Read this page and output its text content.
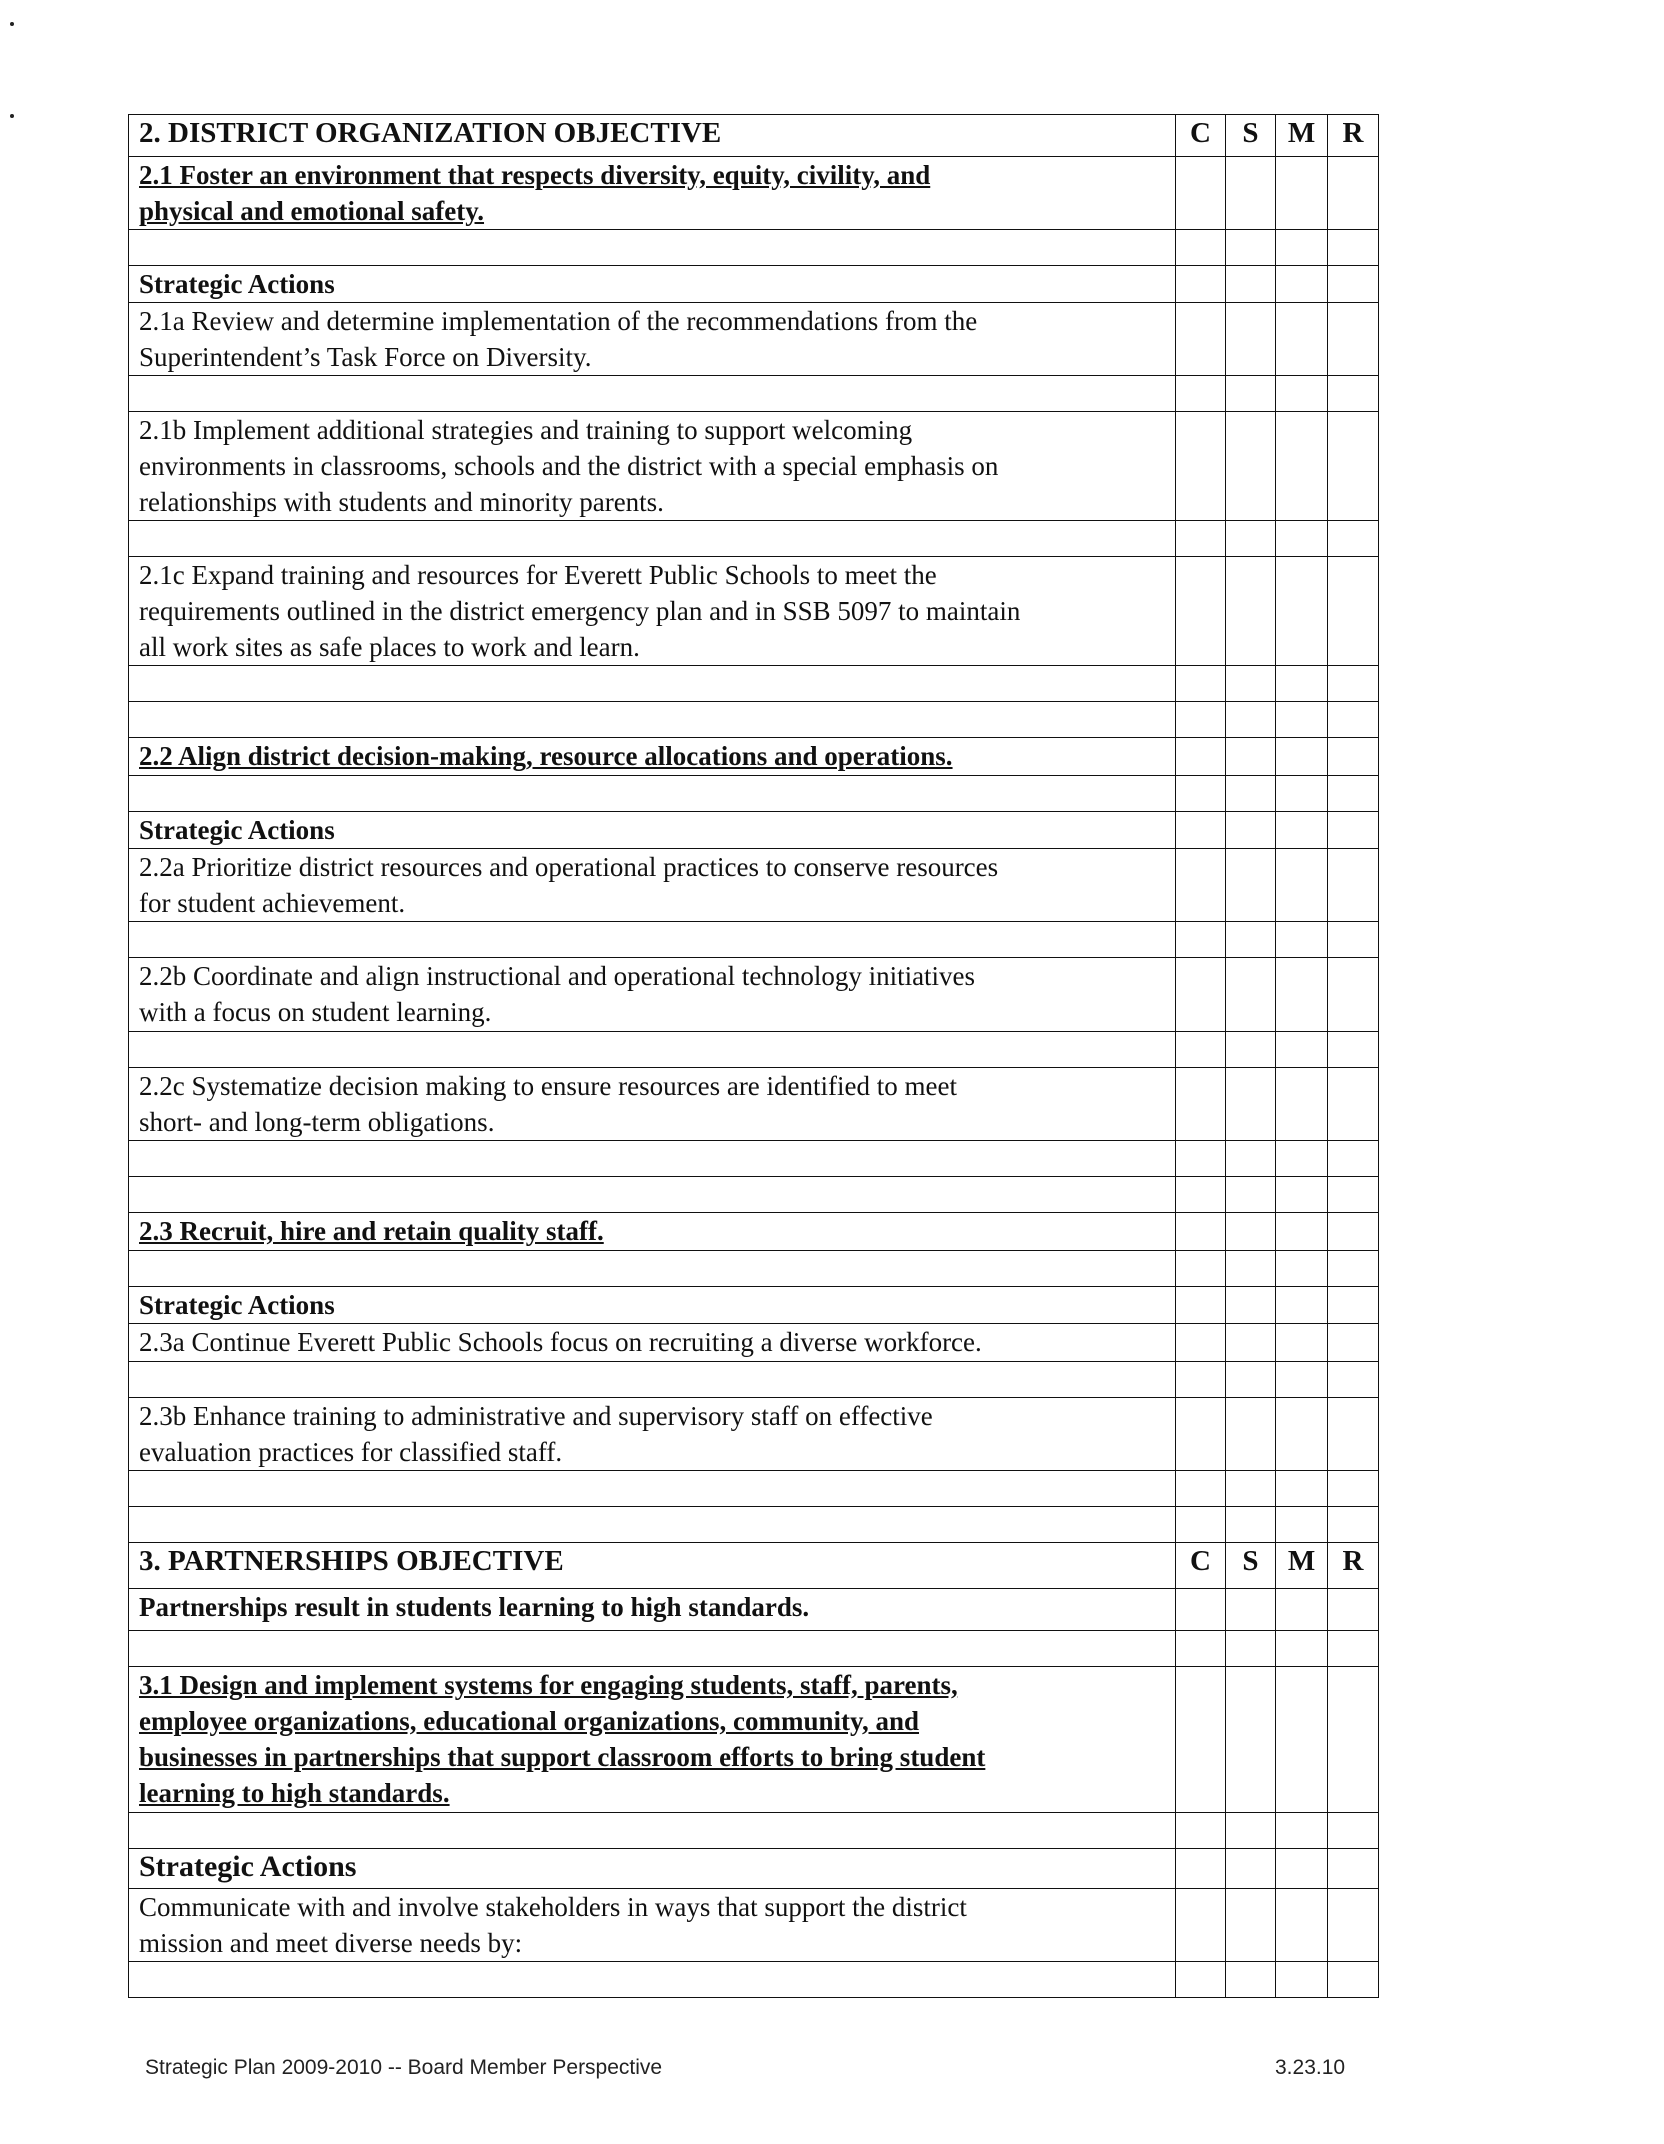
2. DISTRICT ORGANIZATION OBJECTIVE	C	S	M	R
2.1 Foster an environment that respects diversity, equity, civility, and
physical and emotional safety.				

Strategic Actions				
2.1a Review and determine implementation of the recommendations from the
Superintendent’s Task Force on Diversity.				

2.1b Implement additional strategies and training to support welcoming
environments in classrooms, schools and the district with a special emphasis on
relationships with students and minority parents.				

2.1c Expand training and resources for Everett Public Schools to meet the
requirements outlined in the district emergency plan and in SSB 5097 to maintain
all work sites as safe places to work and learn.				

2.2 Align district decision-making, resource allocations and operations.				

Strategic Actions				
2.2a Prioritize district resources and operational practices to conserve resources
for student achievement.				

2.2b Coordinate and align instructional and operational technology initiatives
with a focus on student learning.				

2.2c Systematize decision making to ensure resources are identified to meet
short- and long-term obligations.				

2.3 Recruit, hire and retain quality staff.				

Strategic Actions				
2.3a Continue Everett Public Schools focus on recruiting a diverse workforce.				

2.3b Enhance training to administrative and supervisory staff on effective
evaluation practices for classified staff.				

3. PARTNERSHIPS OBJECTIVE	C	S	M	R
Partnerships result in students learning to high standards.				

3.1 Design and implement systems for engaging students, staff, parents,
employee organizations, educational organizations, community, and
businesses in partnerships that support classroom efforts to bring student
learning to high standards.				

Strategic Actions				
Communicate with and involve stakeholders in ways that support the district
mission and meet diverse needs by:				

Strategic Plan 2009-2010 -- Board Member Perspective	3.23.10
